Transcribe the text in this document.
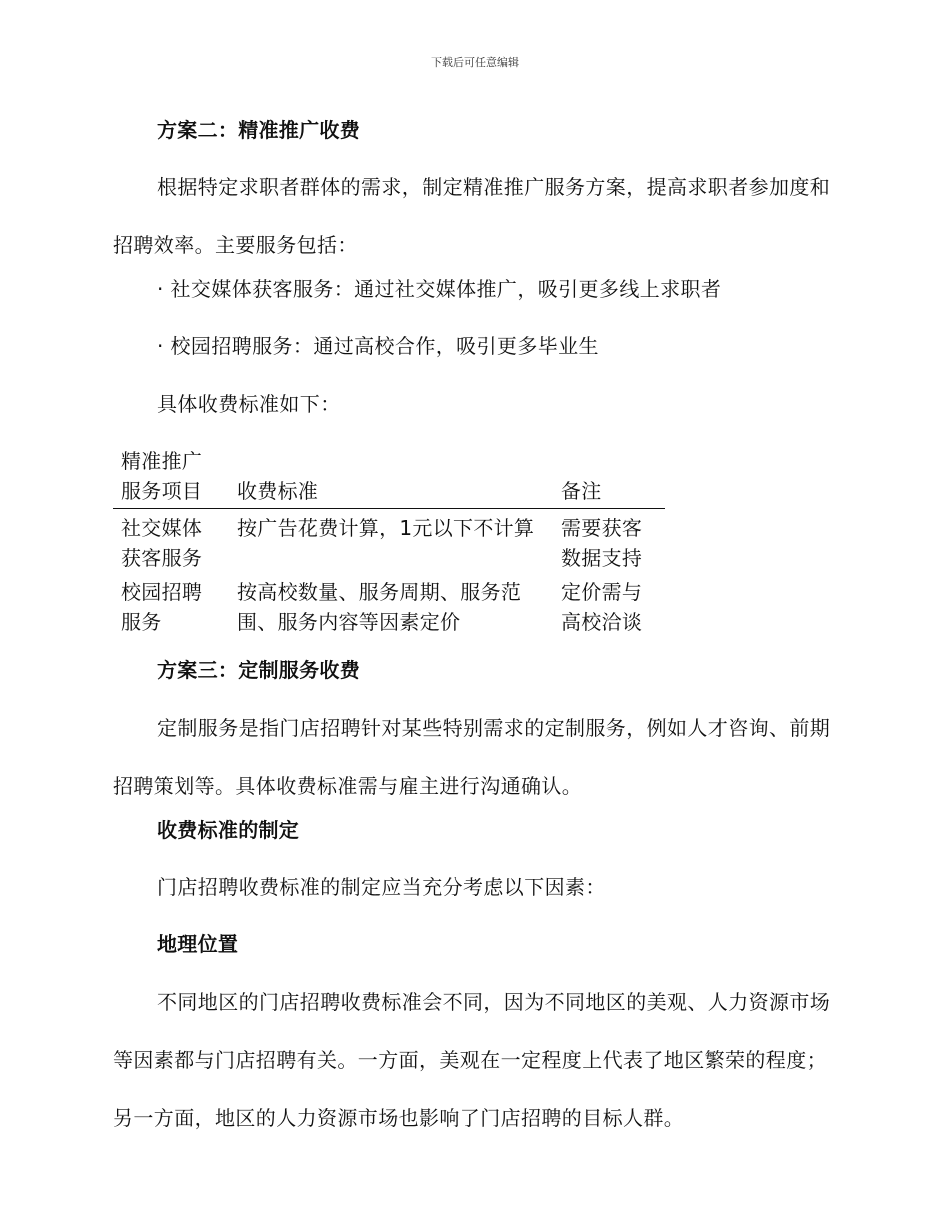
下载后可任意编辑
方案二：精准推广收费
根据特定求职者群体的需求，制定精准推广服务方案，提高求职者参加度和招聘效率。主要服务包括：
· 社交媒体获客服务：通过社交媒体推广，吸引更多线上求职者
· 校园招聘服务：通过高校合作，吸引更多毕业生
具体收费标准如下：
精准推广服务项目	收费标准	备注
社交媒体获客服务	按广告花费计算，1元以下不计算	需要获客数据支持
校园招聘服务	按高校数量、服务周期、服务范围、服务内容等因素定价	定价需与高校洽谈
方案三：定制服务收费
定制服务是指门店招聘针对某些特别需求的定制服务，例如人才咨询、前期招聘策划等。具体收费标准需与雇主进行沟通确认。
收费标准的制定
门店招聘收费标准的制定应当充分考虑以下因素：
地理位置
不同地区的门店招聘收费标准会不同，因为不同地区的美观、人力资源市场等因素都与门店招聘有关。一方面，美观在一定程度上代表了地区繁荣的程度；另一方面，地区的人力资源市场也影响了门店招聘的目标人群。
